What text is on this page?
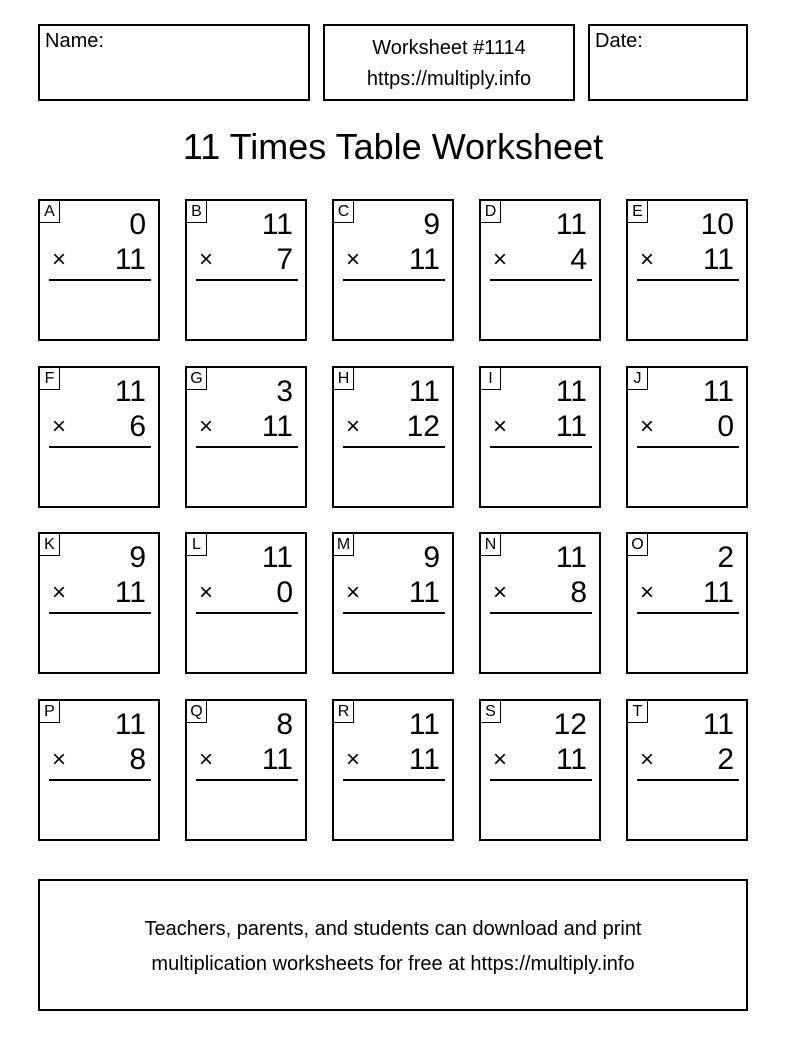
Name:	Worksheet #1114
https://multiply.info
Date:
11 Times Table Worksheet
A 0
× 11
B 11
× 7
C 9
× 11
D 11
× 4
E 10
× 11
F 11
× 6
G 3
× 11
H 11
× 12
I 11
× 11
J 11
× 0
K 9
× 11
L 11
× 0
M 9
× 11
N 11
× 8
O 2
× 11
P 11
× 8
Q 8
× 11
R 11
× 11
S 12
× 11
T 11
× 2
Teachers, parents, and students can download and print
multiplication worksheets for free at https://multiply.info
